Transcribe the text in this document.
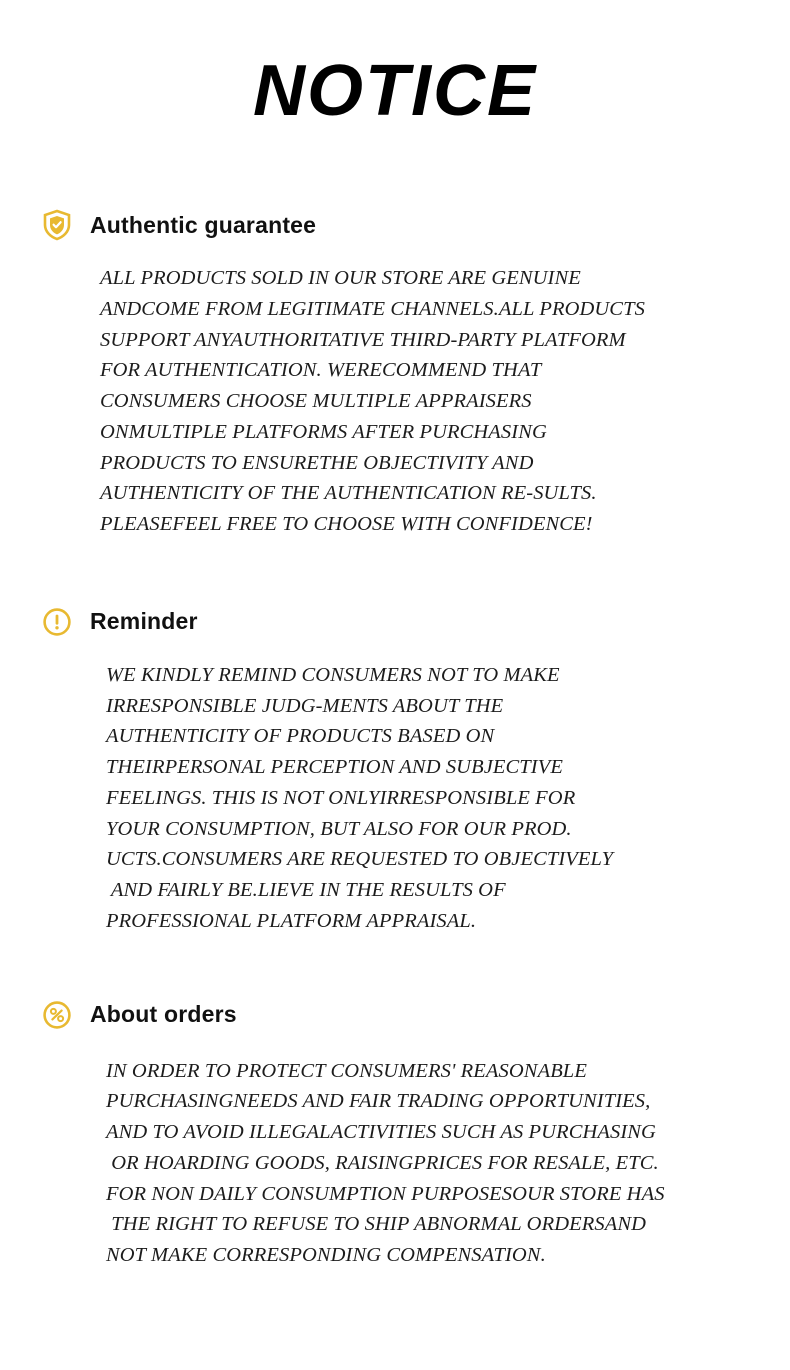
NOTICE
Authentic guarantee
ALL PRODUCTS SOLD IN OUR STORE ARE GENUINE
ANDCOME FROM LEGITIMATE CHANNELS.ALL PRODUCTS
SUPPORT ANYAUTHORITATIVE THIRD-PARTY PLATFORM
FOR AUTHENTICATION. WERECOMMEND THAT
CONSUMERS CHOOSE MULTIPLE APPRAISERS
ONMULTIPLE PLATFORMS AFTER PURCHASING
PRODUCTS TO ENSURETHE OBJECTIVITY AND
AUTHENTICITY OF THE AUTHENTICATION RE-SULTS.
PLEASEFEEL FREE TO CHOOSE WITH CONFIDENCE!
Reminder
WE KINDLY REMIND CONSUMERS NOT TO MAKE
IRRESPONSIBLE JUDG-MENTS ABOUT THE
AUTHENTICITY OF PRODUCTS BASED ON
THEIRPERSONAL PERCEPTION AND SUBJECTIVE
FEELINGS. THIS IS NOT ONLYIRRESPONSIBLE FOR
YOUR CONSUMPTION, BUT ALSO FOR OUR PROD.
UCTS.CONSUMERS ARE REQUESTED TO OBJECTIVELY
AND FAIRLY BE.LIEVE IN THE RESULTS OF
PROFESSIONAL PLATFORM APPRAISAL.
About orders
IN ORDER TO PROTECT CONSUMERS' REASONABLE
PURCHASINGNEEDS AND FAIR TRADING OPPORTUNITIES,
AND TO AVOID ILLEGALACTIVITIES SUCH AS PURCHASING
OR HOARDING GOODS, RAISINGPRICES FOR RESALE, ETC.
FOR NON DAILY CONSUMPTION PURPOSESOUR STORE HAS
THE RIGHT TO REFUSE TO SHIP ABNORMAL ORDERSAND
NOT MAKE CORRESPONDING COMPENSATION.
